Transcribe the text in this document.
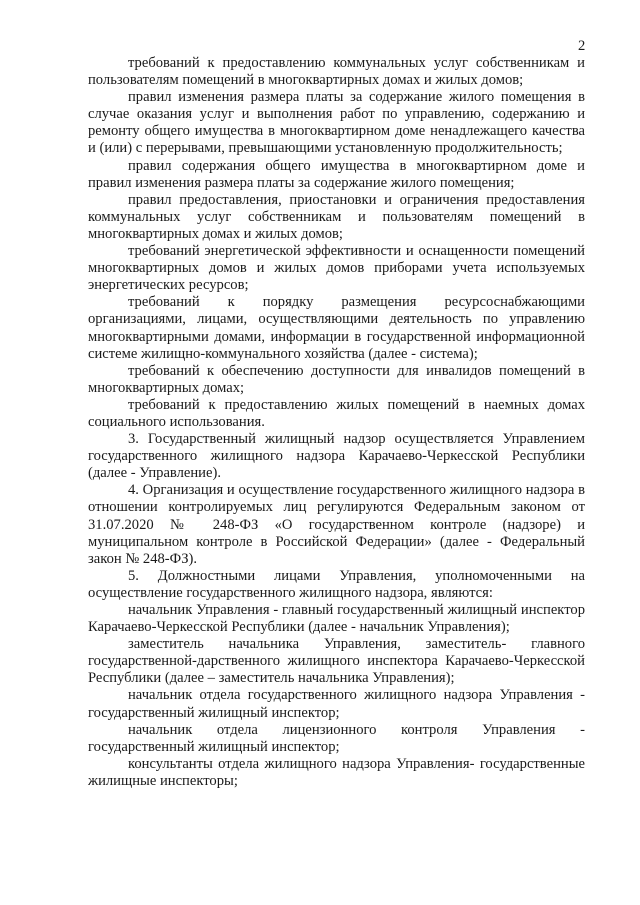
2

требований к предоставлению коммунальных услуг собственникам и пользователям помещений в многоквартирных домах и жилых домов;

правил изменения размера платы за содержание жилого помещения в случае оказания услуг и выполнения работ по управлению, содержанию и ремонту общего имущества в многоквартирном доме ненадлежащего качества и (или) с перерывами, превышающими установленную продолжительность;

правил содержания общего имущества в многоквартирном доме и правил изменения размера платы за содержание жилого помещения;

правил предоставления, приостановки и ограничения предоставления коммунальных услуг собственникам и пользователям помещений в многоквартирных домах и жилых домов;

требований энергетической эффективности и оснащенности помещений многоквартирных домов и жилых домов приборами учета используемых энергетических ресурсов;

требований к порядку размещения ресурсоснабжающими организациями, лицами, осуществляющими деятельность по управлению многоквартирными домами, информации в государственной информационной системе жилищно-коммунального хозяйства (далее - система);

требований к обеспечению доступности для инвалидов помещений в многоквартирных домах;

требований к предоставлению жилых помещений в наемных домах социального использования.

3. Государственный жилищный надзор осуществляется Управлением государственного жилищного надзора Карачаево-Черкесской Республики (далее - Управление).

4. Организация и осуществление государственного жилищного надзора в отношении контролируемых лиц регулируются Федеральным законом от 31.07.2020 № 248-ФЗ «О государственном контроле (надзоре) и муниципальном контроле в Российской Федерации» (далее - Федеральный закон № 248-ФЗ).

5. Должностными лицами Управления, уполномоченными на осуществление государственного жилищного надзора, являются:

начальник Управления - главный государственный жилищный инспектор Карачаево-Черкесской Республики (далее - начальник Управления);

заместитель начальника Управления, заместитель- главного государственной-дарственного жилищного инспектора Карачаево-Черкесской Республики (далее – заместитель начальника Управления);

начальник отдела государственного жилищного надзора Управления - государственный жилищный инспектор;

начальник отдела лицензионного контроля Управления - государственный жилищный инспектор;

консультанты отдела жилищного надзора Управления- государственные жилищные инспекторы;
